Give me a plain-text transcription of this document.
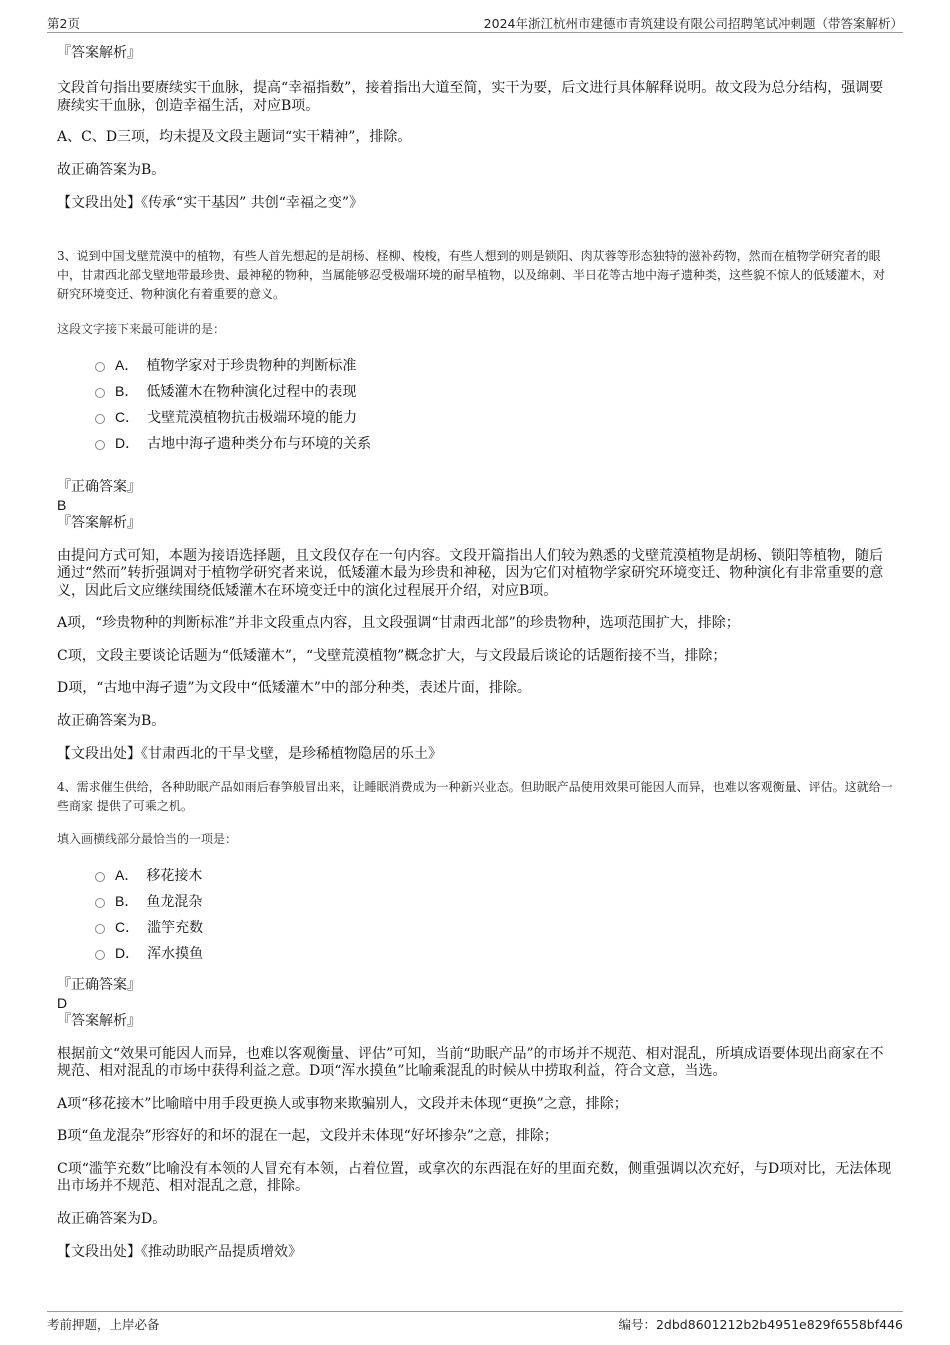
第2页	2024年浙江杭州市建德市青筑建设有限公司招聘笔试冲刺题（带答案解析）

『答案解析』

文段首句指出要赓续实干血脉，提高“幸福指数”，接着指出大道至简，实干为要，后文进行具体解释说明。故文段为总分结构，强调要赓续实干血脉，创造幸福生活，对应B项。

A、C、D三项，均未提及文段主题词“实干精神”，排除。

故正确答案为B。

【文段出处】《传承“实干基因” 共创“幸福之变”》

3、说到中国戈壁荒漠中的植物，有些人首先想起的是胡杨、柽柳、梭梭，有些人想到的则是锁阳、肉苁蓉等形态独特的滋补药物，然而在植物学研究者的眼中，甘肃西北部戈壁地带最珍贵、最神秘的物种，当属能够忍受极端环境的耐旱植物，以及绵刺、半日花等古地中海孑遗种类，这些貌不惊人的低矮灌木，对研究环境变迁、物种演化有着重要的意义。

这段文字接下来最可能讲的是：

A． 植物学家对于珍贵物种的判断标准
B． 低矮灌木在物种演化过程中的表现
C． 戈壁荒漠植物抗击极端环境的能力
D． 古地中海孑遗种类分布与环境的关系

『正确答案』

B

『答案解析』

由提问方式可知，本题为接语选择题，且文段仅存在一句内容。文段开篇指出人们较为熟悉的戈壁荒漠植物是胡杨、锁阳等植物，随后通过“然而”转折强调对于植物学研究者来说，低矮灌木最为珍贵和神秘，因为它们对植物学家研究环境变迁、物种演化有非常重要的意义，因此后文应继续围绕低矮灌木在环境变迁中的演化过程展开介绍，对应B项。

A项，“珍贵物种的判断标准”并非文段重点内容，且文段强调“甘肃西北部”的珍贵物种，选项范围扩大，排除；

C项，文段主要谈论话题为“低矮灌木”，“戈壁荒漠植物”概念扩大，与文段最后谈论的话题衔接不当，排除；

D项，“古地中海孑遗”为文段中“低矮灌木”中的部分种类，表述片面，排除。

故正确答案为B。

【文段出处】《甘肃西北的干旱戈壁，是珍稀植物隐居的乐土》

4、需求催生供给，各种助眠产品如雨后春笋般冒出来，让睡眠消费成为一种新兴业态。但助眠产品使用效果可能因人而异，也难以客观衡量、评估。这就给一些商家 提供了可乘之机。

填入画横线部分最恰当的一项是：

A． 移花接木
B． 鱼龙混杂
C． 滥竽充数
D． 浑水摸鱼

『正确答案』

D

『答案解析』

根据前文“效果可能因人而异，也难以客观衡量、评估”可知，当前“助眠产品”的市场并不规范、相对混乱，所填成语要体现出商家在不规范、相对混乱的市场中获得利益之意。D项“浑水摸鱼”比喻乘混乱的时候从中捞取利益，符合文意，当选。

A项“移花接木”比喻暗中用手段更换人或事物来欺骗别人，文段并未体现“更换”之意，排除；

B项“鱼龙混杂”形容好的和坏的混在一起，文段并未体现“好坏掺杂”之意，排除；

C项“滥竽充数”比喻没有本领的人冒充有本领，占着位置，或拿次的东西混在好的里面充数，侧重强调以次充好，与D项对比，无法体现出市场并不规范、相对混乱之意，排除。

故正确答案为D。

【文段出处】《推动助眠产品提质增效》

考前押题，上岸必备	编号：2dbd8601212b2b4951e829f6558bf446
